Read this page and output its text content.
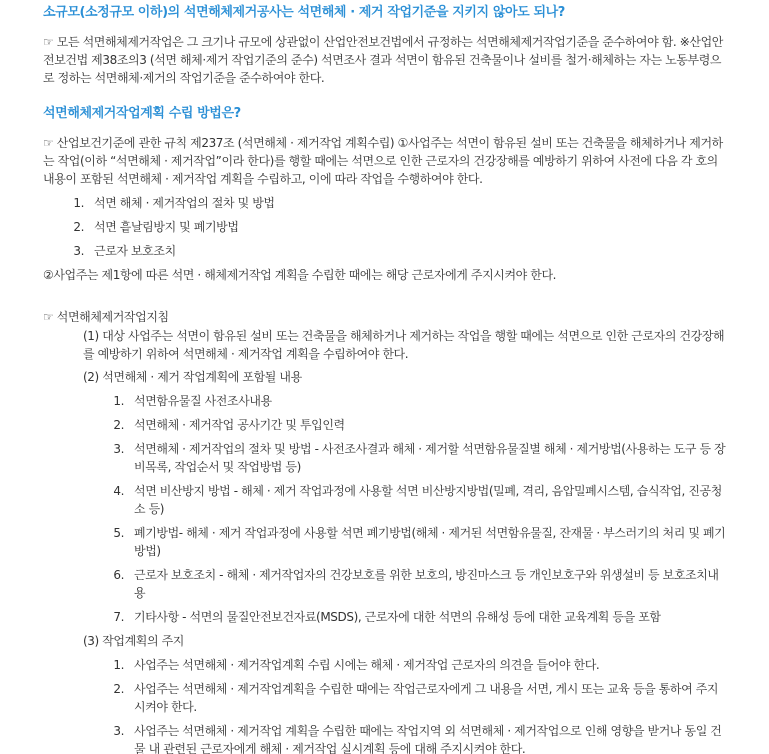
소규모(소정규모 이하)의 석면해체제거공사는 석면해체 · 제거 작업기준을 지키지 않아도 되나?

☞ 모든 석면해체제거작업은 그 크기나 규모에 상관없이 산업안전보건법에서 규정하는 석면해체제거작업기준을 준수하여야 함. ※산업안전보건법 제38조의3 (석면 해체·제거 작업기준의 준수) 석면조사 결과 석면이 함유된 건축물이나 설비를 철거·해체하는 자는 노동부령으로 정하는 석면해체·제거의 작업기준을 준수하여야 한다.

석면해체제거작업계획 수립 방법은?

☞ 산업보건기준에 관한 규칙 제237조 (석면해체 · 제거작업 계획수립) ①사업주는 석면이 함유된 설비 또는 건축물을 해체하거나 제거하는 작업(이하 “석면해체 · 제거작업”이라 한다)를 행할 때에는 석면으로 인한 근로자의 건강장해를 예방하기 위하여 사전에 다음 각 호의 내용이 포함된 석면해체 · 제거작업 계획을 수립하고, 이에 따라 작업을 수행하여야 한다.

1. 석면 해체 · 제거작업의 절차 및 방법
2. 석면 흩날림방지 및 폐기방법
3. 근로자 보호조치

②사업주는 제1항에 따른 석면 · 해체제거작업 계획을 수립한 때에는 해당 근로자에게 주지시켜야 한다.

☞ 석면해체제거작업지침

(1) 대상 사업주는 석면이 함유된 설비 또는 건축물을 해체하거나 제거하는 작업을 행할 때에는 석면으로 인한 근로자의 건강장해를 예방하기 위하여 석면해체 · 제거작업 계획을 수립하여야 한다.

(2) 석면해체 · 제거 작업계획에 포함될 내용

1. 석면함유물질 사전조사내용
2. 석면해체 · 제거작업 공사기간 및 투입인력
3. 석면해체 · 제거작업의 절차 및 방법 - 사전조사결과 해체 · 제거할 석면함유물질별 해체 · 제거방법(사용하는 도구 등 장비목록, 작업순서 및 작업방법 등)
4. 석면 비산방지 방법 - 해체 · 제거 작업과정에 사용할 석면 비산방지방법(밀폐, 격리, 음압밀폐시스템, 습식작업, 진공청소 등)
5. 폐기방법- 해체 · 제거 작업과정에 사용할 석면 폐기방법(해체 · 제거된 석면함유물질, 잔재물 · 부스러기의 처리 및 폐기방법)
6. 근로자 보호조치 - 해체 · 제거작업자의 건강보호를 위한 보호의, 방진마스크 등 개인보호구와 위생설비 등 보호조치내용
7. 기타사항 - 석면의 물질안전보건자료(MSDS), 근로자에 대한 석면의 유해성 등에 대한 교육계획 등을 포함

(3) 작업계획의 주지

1. 사업주는 석면해체 · 제거작업계획 수립 시에는 해체 · 제거작업 근로자의 의견을 들어야 한다.
2. 사업주는 석면해체 · 제거작업계획을 수립한 때에는 작업근로자에게 그 내용을 서면, 게시 또는 교육 등을 통하여 주지시켜야 한다.
3. 사업주는 석면해체 · 제거작업 계획을 수립한 때에는 작업지역 외 석면해체 · 제거작업으로 인해 영향을 받거나 동일 건물 내 관련된 근로자에게 해체 · 제거작업 실시계획 등에 대해 주지시켜야 한다.
